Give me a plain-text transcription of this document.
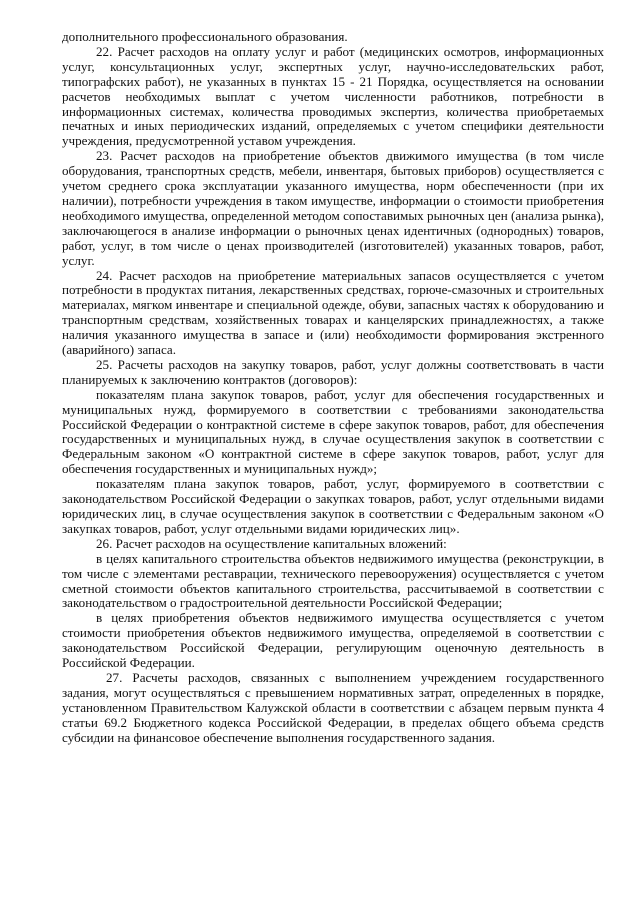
дополнительного профессионального образования.

22. Расчет расходов на оплату услуг и работ (медицинских осмотров, информационных услуг, консультационных услуг, экспертных услуг, научно-исследовательских работ, типографских работ), не указанных в пунктах 15 - 21 Порядка, осуществляется на основании расчетов необходимых выплат с учетом численности работников, потребности в информационных системах, количества проводимых экспертиз, количества приобретаемых печатных и иных периодических изданий, определяемых с учетом специфики деятельности учреждения, предусмотренной уставом учреждения.

23. Расчет расходов на приобретение объектов движимого имущества (в том числе оборудования, транспортных средств, мебели, инвентаря, бытовых приборов) осуществляется с учетом среднего срока эксплуатации указанного имущества, норм обеспеченности (при их наличии), потребности учреждения в таком имуществе, информации о стоимости приобретения необходимого имущества, определенной методом сопоставимых рыночных цен (анализа рынка), заключающегося в анализе информации о рыночных ценах идентичных (однородных) товаров, работ, услуг, в том числе о ценах производителей (изготовителей) указанных товаров, работ, услуг.

24. Расчет расходов на приобретение материальных запасов осуществляется с учетом потребности в продуктах питания, лекарственных средствах, горюче-смазочных и строительных материалах, мягком инвентаре и специальной одежде, обуви, запасных частях к оборудованию и транспортным средствам, хозяйственных товарах и канцелярских принадлежностях, а также наличия указанного имущества в запасе и (или) необходимости формирования экстренного (аварийного) запаса.

25. Расчеты расходов на закупку товаров, работ, услуг должны соответствовать в части планируемых к заключению контрактов (договоров):

показателям плана закупок товаров, работ, услуг для обеспечения государственных и муниципальных нужд, формируемого в соответствии с требованиями законодательства Российской Федерации о контрактной системе в сфере закупок товаров, работ, для обеспечения государственных и муниципальных нужд, в случае осуществления закупок в соответствии с Федеральным законом «О контрактной системе в сфере закупок товаров, работ, услуг для обеспечения государственных и муниципальных нужд»;

показателям плана закупок товаров, работ, услуг, формируемого в соответствии с законодательством Российской Федерации о закупках товаров, работ, услуг отдельными видами юридических лиц, в случае осуществления закупок в соответствии с Федеральным законом «О закупках товаров, работ, услуг отдельными видами юридических лиц».

26. Расчет расходов на осуществление капитальных вложений:

в целях капитального строительства объектов недвижимого имущества (реконструкции, в том числе с элементами реставрации, технического перевооружения) осуществляется с учетом сметной стоимости объектов капитального строительства, рассчитываемой в соответствии с законодательством о градостроительной деятельности Российской Федерации;

в целях приобретения объектов недвижимого имущества осуществляется с учетом стоимости приобретения объектов недвижимого имущества, определяемой в соответствии с законодательством Российской Федерации, регулирующим оценочную деятельность в Российской Федерации.

27. Расчеты расходов, связанных с выполнением учреждением государственного задания, могут осуществляться с превышением нормативных затрат, определенных в порядке, установленном Правительством Калужской области в соответствии с абзацем первым пункта 4 статьи 69.2 Бюджетного кодекса Российской Федерации, в пределах общего объема средств субсидии на финансовое обеспечение выполнения государственного задания.
